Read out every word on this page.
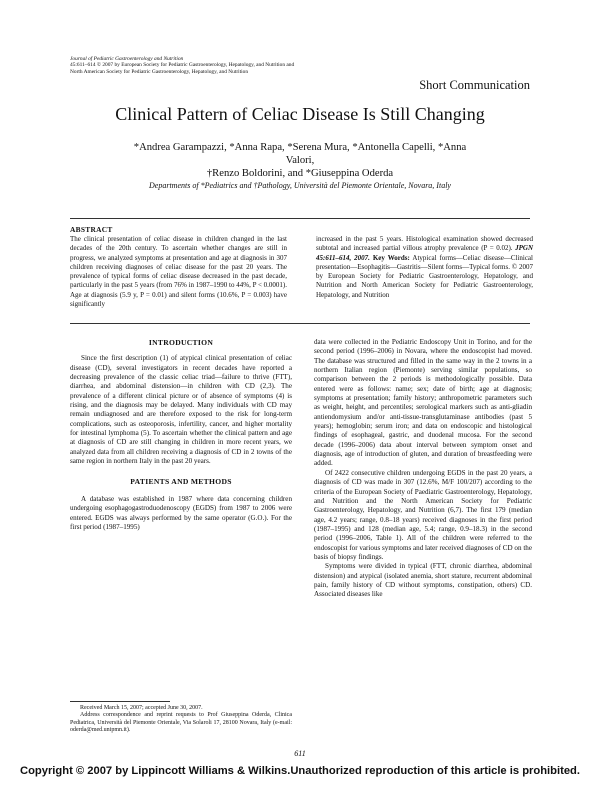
Journal of Pediatric Gastroenterology and Nutrition
45:611–614 © 2007 by European Society for Pediatric Gastroenterology, Hepatology, and Nutrition and
North American Society for Pediatric Gastroenterology, Hepatology, and Nutrition
Short Communication
Clinical Pattern of Celiac Disease Is Still Changing
*Andrea Garampazzi, *Anna Rapa, *Serena Mura, *Antonella Capelli, *Anna Valori,
†Renzo Boldorini, and *Giuseppina Oderda
Departments of *Pediatrics and †Pathology, Università del Piemonte Orientale, Novara, Italy
ABSTRACT
The clinical presentation of celiac disease in children changed in the last decades of the 20th century. To ascertain whether changes are still in progress, we analyzed symptoms at presentation and age at diagnosis in 307 children receiving diagnoses of celiac disease for the past 20 years. The prevalence of typical forms of celiac disease decreased in the past decade, particularly in the past 5 years (from 76% in 1987–1990 to 44%, P < 0.0001). Age at diagnosis (5.9 y, P = 0.01) and silent forms (10.6%, P = 0.003) have significantly
increased in the past 5 years. Histological examination showed decreased subtotal and increased partial villous atrophy prevalence (P = 0.02). JPGN 45:611–614, 2007. Key Words: Atypical forms—Celiac disease—Clinical presentation—Esophagitis—Gastritis—Silent forms—Typical forms. © 2007 by European Society for Pediatric Gastroenterology, Hepatology, and Nutrition and North American Society for Pediatric Gastroenterology, Hepatology, and Nutrition
INTRODUCTION

Since the first description (1) of atypical clinical presentation of celiac disease (CD), several investigators in recent decades have reported a decreasing prevalence of the classic celiac triad—failure to thrive (FTT), diarrhea, and abdominal distension—in children with CD (2,3). The prevalence of a different clinical picture or of absence of symptoms (4) is rising, and the diagnosis may be delayed. Many individuals with CD may remain undiagnosed and are therefore exposed to the risk for long-term complications, such as osteoporosis, infertility, cancer, and higher mortality for intestinal lymphoma (5). To ascertain whether the clinical pattern and age at diagnosis of CD are still changing in children in more recent years, we analyzed data from all children receiving a diagnosis of CD in 2 towns of the same region in northern Italy in the past 20 years.

PATIENTS AND METHODS

A database was established in 1987 where data concerning children undergoing esophagogastroduodenoscopy (EGDS) from 1987 to 2006 were entered. EGDS was always performed by the same operator (G.O.). For the first period (1987–1995)

data were collected in the Pediatric Endoscopy Unit in Torino, and for the second period (1996–2006) in Novara, where the endoscopist had moved. The database was structured and filled in the same way in the 2 towns in a northern Italian region (Piemonte) serving similar populations, so comparison between the 2 periods is methodologically possible. Data entered were as follows: name; sex; date of birth; age at diagnosis; symptoms at presentation; family history; anthropometric parameters such as weight, height, and percentiles; serological markers such as anti-gliadin antiendomysium and/or anti-tissue-transglutaminase antibodies (past 5 years); hemoglobin; serum iron; and data on endoscopic and histological findings of esophageal, gastric, and duodenal mucosa. For the second decade (1996–2006) data about interval between symptom onset and diagnosis, age of introduction of gluten, and duration of breastfeeding were added.

Of 2422 consecutive children undergoing EGDS in the past 20 years, a diagnosis of CD was made in 307 (12.6%, M/F 100/207) according to the criteria of the European Society of Paediatric Gastroenterology, Hepatology, and Nutrition and the North American Society for Pediatric Gastroenterology, Hepatology, and Nutrition (6,7). The first 179 (median age, 4.2 years; range, 0.8–18 years) received diagnoses in the first period (1987–1995) and 128 (median age, 5.4; range, 0.9–18.3) in the second period (1996–2006, Table 1). All of the children were referred to the endoscopist for various symptoms and later received diagnoses of CD on the basis of biopsy findings.

Symptoms were divided in typical (FTT, chronic diarrhea, abdominal distension) and atypical (isolated anemia, short stature, recurrent abdominal pain, family history of CD without symptoms, constipation, others) CD. Associated diseases like

Received March 15, 2007; accepted June 30, 2007.

Address correspondence and reprint requests to Prof Giuseppina Oderda, Clinica Pediatrica, Università del Piemonte Orientale, Via Solaroli 17, 28100 Novara, Italy (e-mail: oderda@med.unipmn.it).

611
Copyright © 2007 by Lippincott Williams & Wilkins.Unauthorized reproduction of this article is prohibited.
